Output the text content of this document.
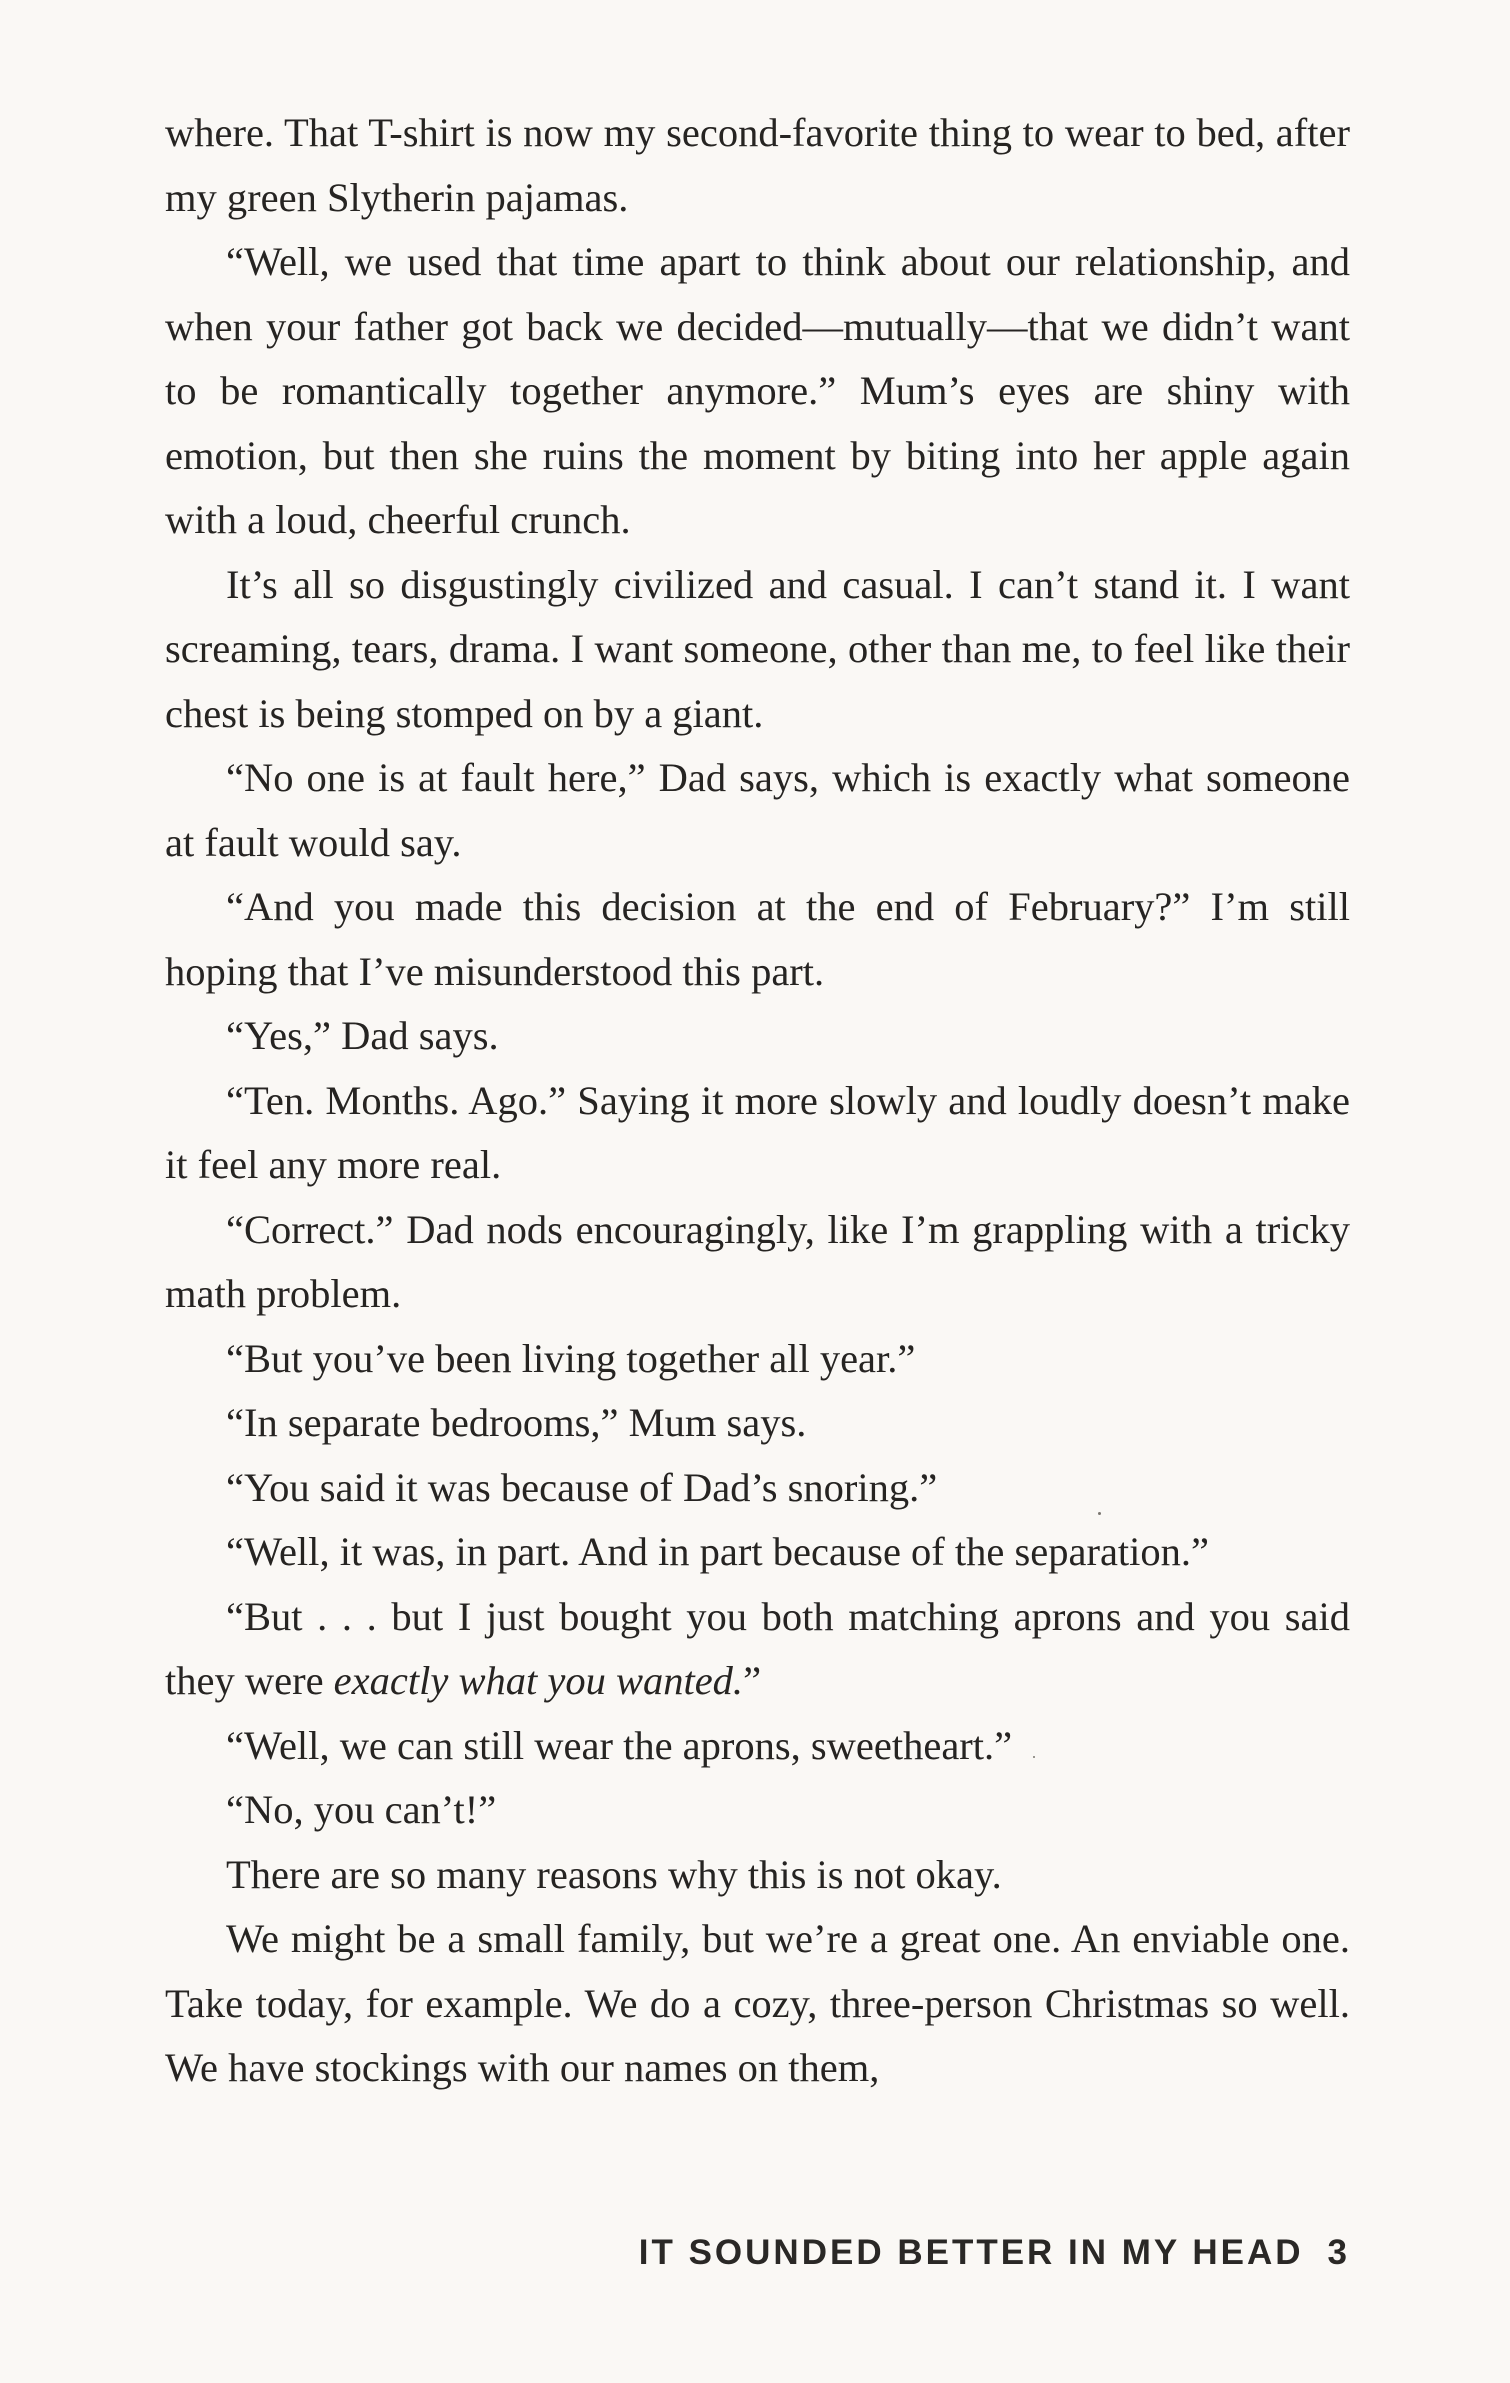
where. That T-shirt is now my second-favorite thing to wear to bed, after my green Slytherin pajamas.

“Well, we used that time apart to think about our relationship, and when your father got back we decided—mutually—that we didn’t want to be romantically together anymore.” Mum’s eyes are shiny with emotion, but then she ruins the moment by biting into her apple again with a loud, cheerful crunch.

It’s all so disgustingly civilized and casual. I can’t stand it. I want screaming, tears, drama. I want someone, other than me, to feel like their chest is being stomped on by a giant.

“No one is at fault here,” Dad says, which is exactly what someone at fault would say.

“And you made this decision at the end of February?” I’m still hoping that I’ve misunderstood this part.

“Yes,” Dad says.

“Ten. Months. Ago.” Saying it more slowly and loudly doesn’t make it feel any more real.

“Correct.” Dad nods encouragingly, like I’m grappling with a tricky math problem.

“But you’ve been living together all year.”

“In separate bedrooms,” Mum says.

“You said it was because of Dad’s snoring.”

“Well, it was, in part. And in part because of the separation.”

“But . . . but I just bought you both matching aprons and you said they were exactly what you wanted.”

“Well, we can still wear the aprons, sweetheart.”

“No, you can’t!”

There are so many reasons why this is not okay.

We might be a small family, but we’re a great one. An enviable one. Take today, for example. We do a cozy, three-person Christmas so well. We have stockings with our names on them,

IT SOUNDED BETTER IN MY HEAD 3
